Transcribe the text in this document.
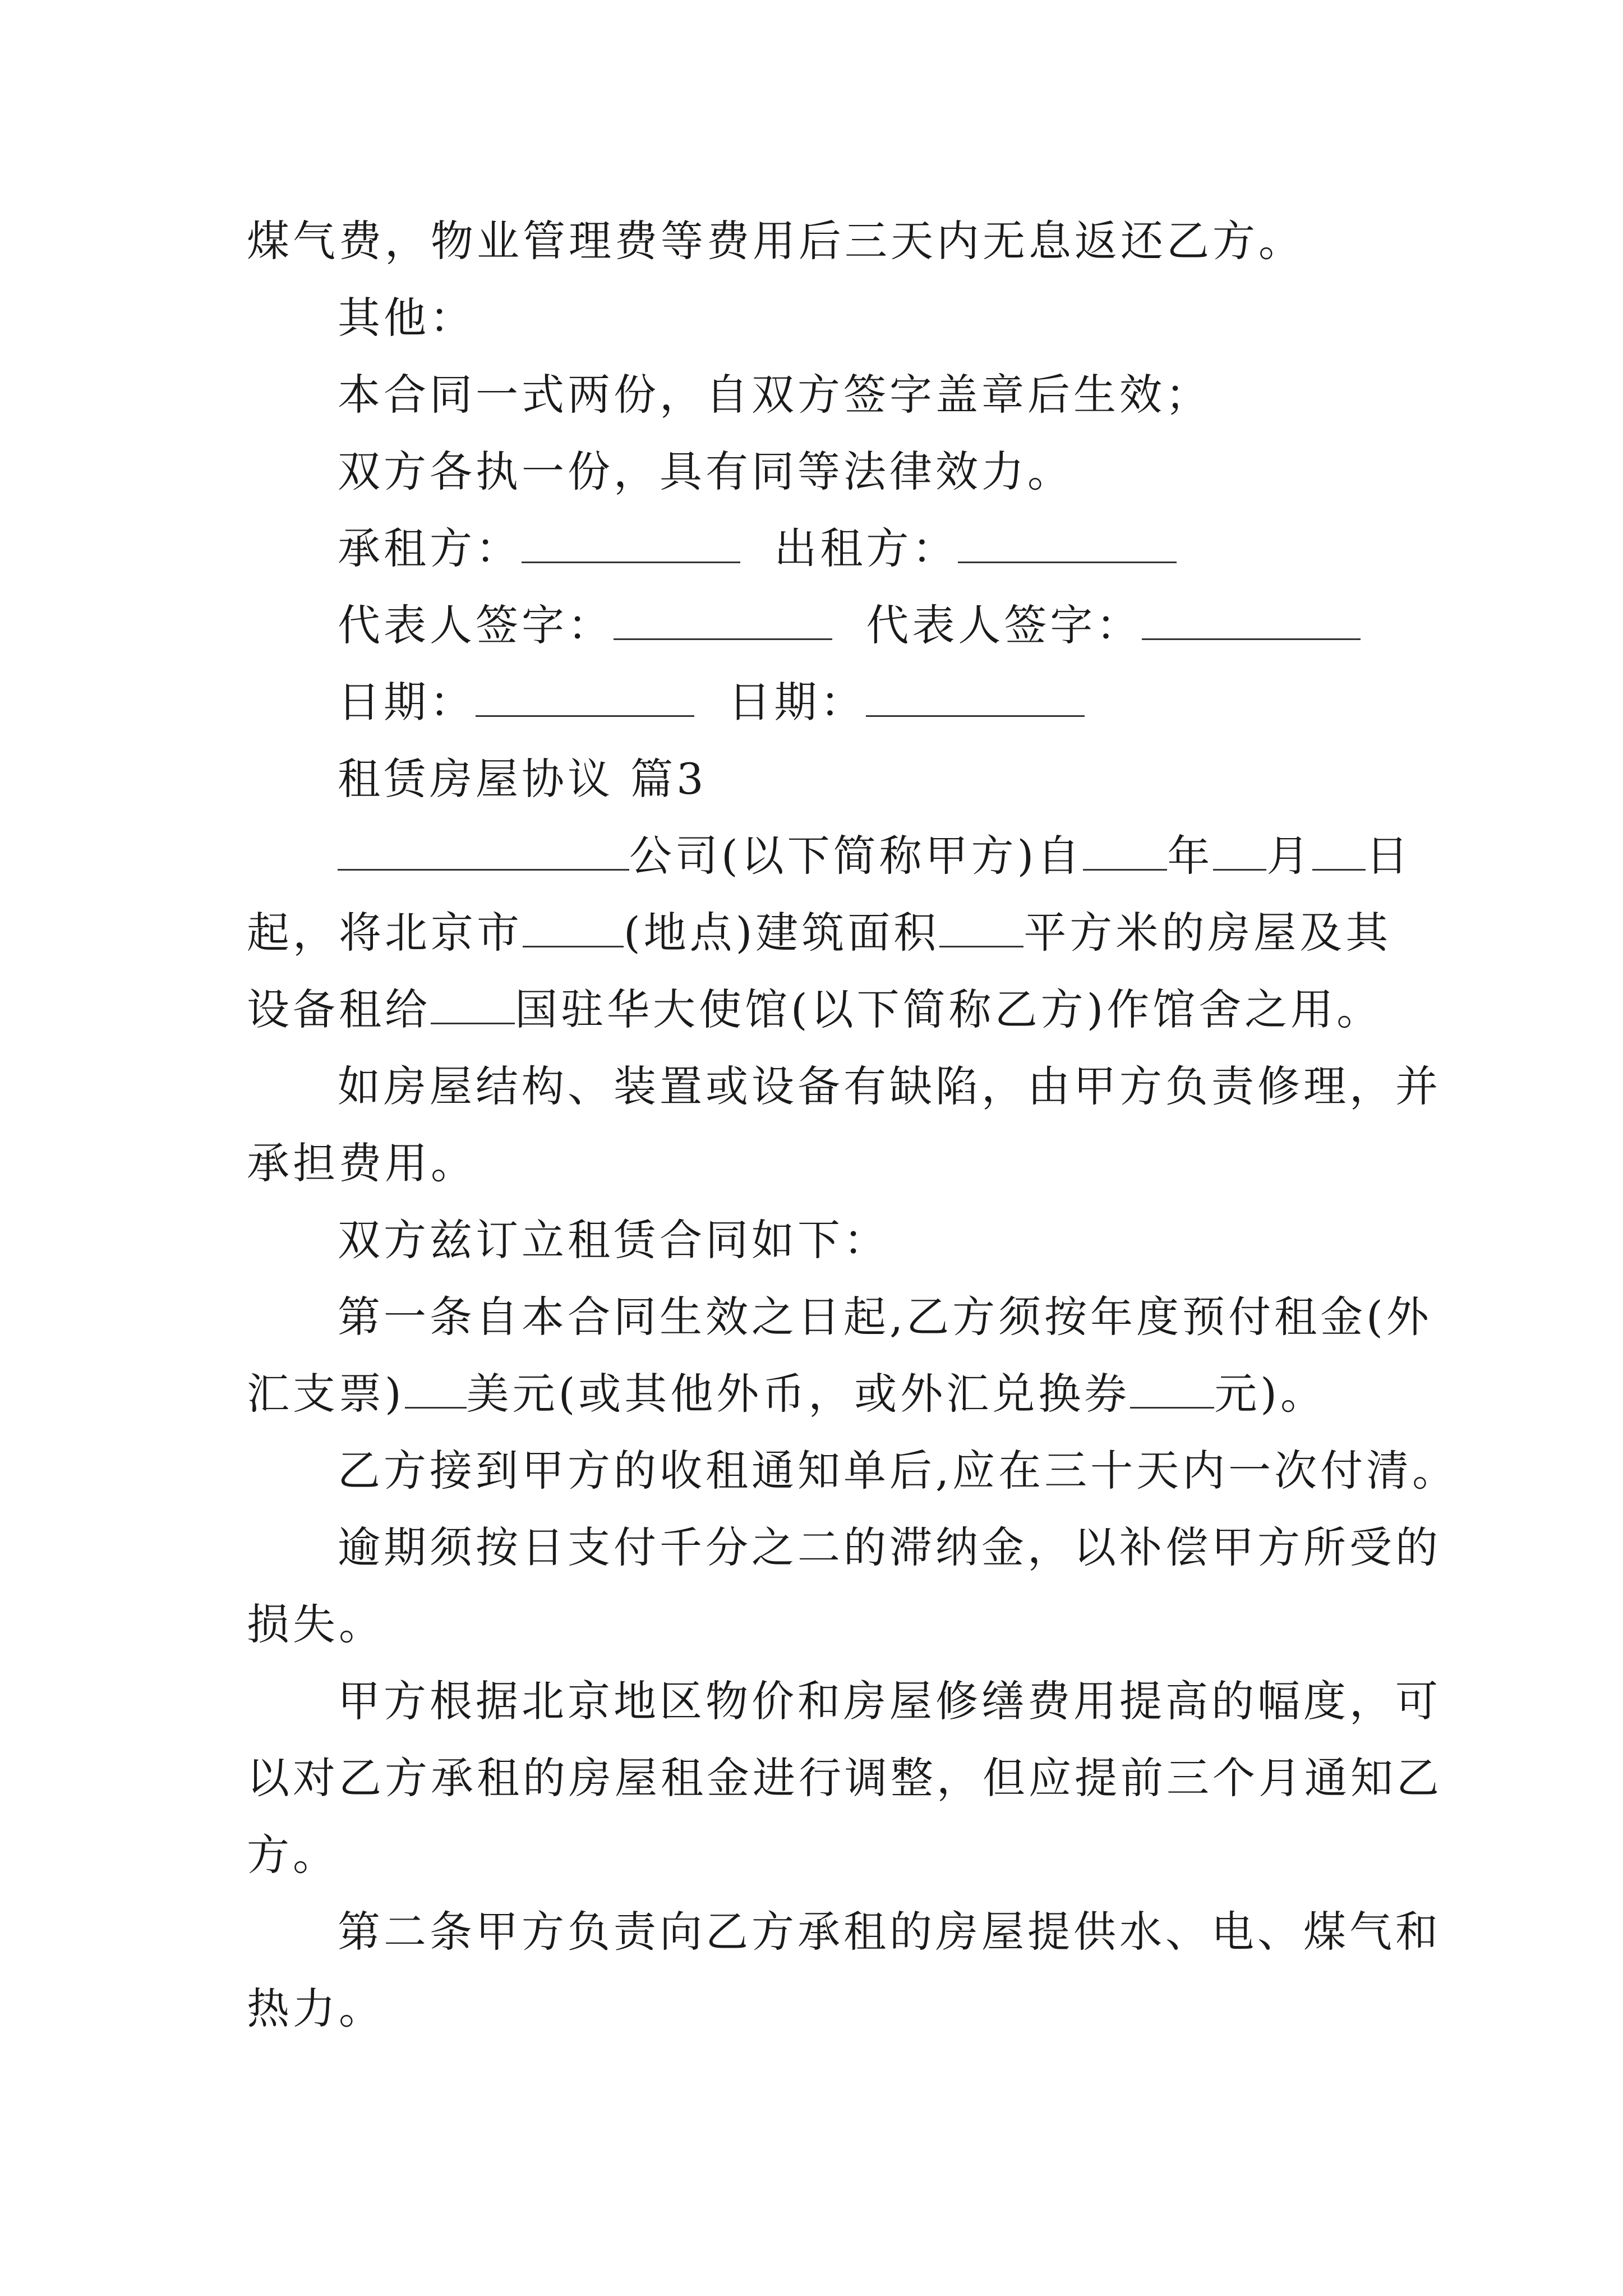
煤气费，物业管理费等费用后三天内无息返还乙方。
其他：
本合同一式两份，自双方签字盖章后生效；
双方各执一份，具有同等法律效力。
承租方：	出租方：
代表人签字：	代表人签字：
日期：	日期：
租赁房屋协议 篇3
公司(以下简称甲方)自 年 月 日
起，将北京市 (地点)建筑面积 平方米的房屋及其
设备租给 国驻华大使馆(以下简称乙方)作馆舍之用。
如房屋结构、装置或设备有缺陷，由甲方负责修理，并
承担费用。
双方兹订立租赁合同如下：
第一条自本合同生效之日起,乙方须按年度预付租金(外
汇支票) 美元(或其他外币，或外汇兑换券 元)。
乙方接到甲方的收租通知单后,应在三十天内一次付清。
逾期须按日支付千分之二的滞纳金，以补偿甲方所受的
损失。
甲方根据北京地区物价和房屋修缮费用提高的幅度，可
以对乙方承租的房屋租金进行调整，但应提前三个月通知乙
方。
第二条甲方负责向乙方承租的房屋提供水、电、煤气和
热力。
